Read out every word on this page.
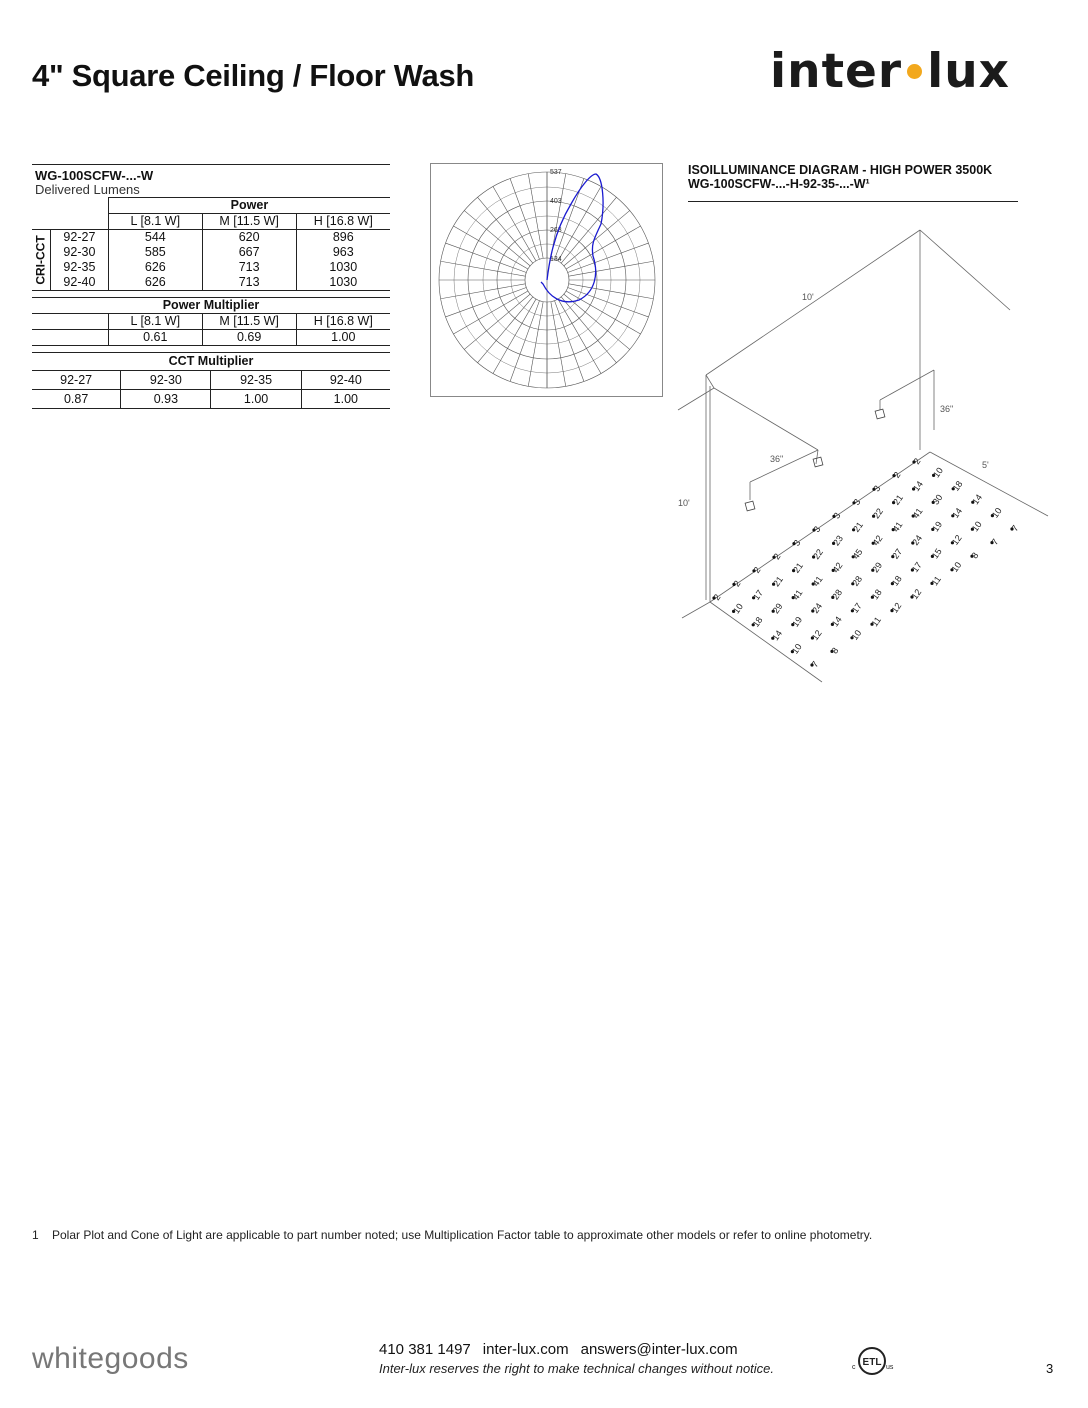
4" Square Ceiling / Floor Wash	inter lux
WG-100SCFW-...-W
Delivered Lumens
		Power		
		L [8.1 W]	M [11.5 W]	H [16.8 W]

CRI-CCT	92-27	544	620	896
	92-30	585	667	963
	92-35	626	713	1030
	92-40	626	713	1030

Power Multiplier				
		L [8.1 W]	M [11.5 W]	H [16.8 W]
		0.61	0.69	1.00
CCT Multiplier			
92-27	92-30	92-35	92-40
0.87	0.93	1.00	1.00
537
403
268
134
ISOILLUMINANCE DIAGRAM - HIGH POWER 3500K
WG-100SCFW-...-H-92-35-...-W¹
10'
36"
36"
5'
10'
2
10
18
14
10
7
2
14
30
14
10
7
3
21
41
19
12
8
3
22
41
24
15
10
3
21
42
27
17
11
3
23
45
29
18
12
3
22
42
28
18
12
2
21
41
28
17
11
2
21
41
24
14
10
2
17
29
19
12
8
2
10
18
14
10
7
1 Polar Plot and Cone of Light are applicable to part number noted; use Multiplication Factor table to approximate other models or refer to online photometry.
whitegoods	410 381 1497 inter-lux.com answers@inter-lux.com
Inter-lux reserves the right to make technical changes without notice.	ETL
c	us	3
